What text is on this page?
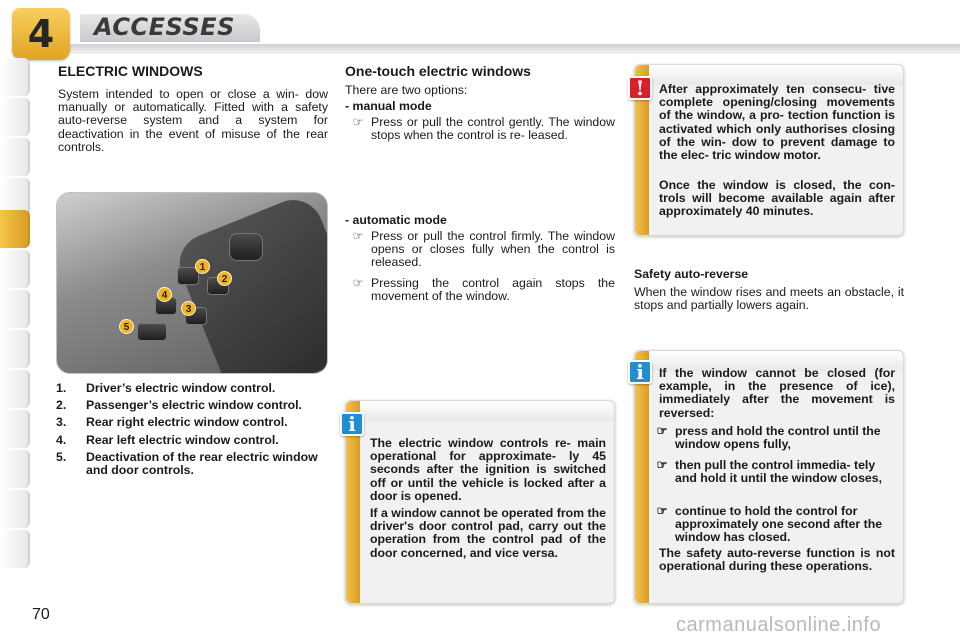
4	ACCESSES
ELECTRIC WINDOWS
System intended to open or close a win- dow manually or automatically. Fitted with a safety auto-reverse system and a system for deactivation in the event of misuse of the rear controls.
1
2
3
4
5
1.	Driver’s electric window control.
2.	Passenger’s electric window control.
3.	Rear right electric window control.
4.	Rear left electric window control.
5.	Deactivation of the rear electric window and door controls.
One-touch electric windows
There are two options:
- manual mode
☞ Press or pull the control gently. The window stops when the control is re- leased.
- automatic mode
☞ Press or pull the control firmly. The window opens or closes fully when the control is released.
☞ Pressing the control again stops the movement of the window.
The electric window controls re- main operational for approximate- ly 45 seconds after the ignition is switched off or until the vehicle is locked after a door is opened.
If a window cannot be operated from the driver's door control pad, carry out the operation from the control pad of the door concerned, and vice versa.
i
After approximately ten consecu- tive complete opening/closing movements of the window, a pro- tection function is activated which only authorises closing of the win- dow to prevent damage to the elec- tric window motor.
Once the window is closed, the con- trols will become available again after approximately 40 minutes.
!
Safety auto-reverse
When the window rises and meets an obstacle, it stops and partially lowers again.
If the window cannot be closed (for example, in the presence of ice), immediately after the movement is reversed:
☞ press and hold the control until the window opens fully,
☞ then pull the control immedia- tely and hold it until the window closes,
☞ continue to hold the control for approximately one second after the window has closed.
The safety auto-reverse function is not operational during these operations.
i
70	carmanualsonline.info
